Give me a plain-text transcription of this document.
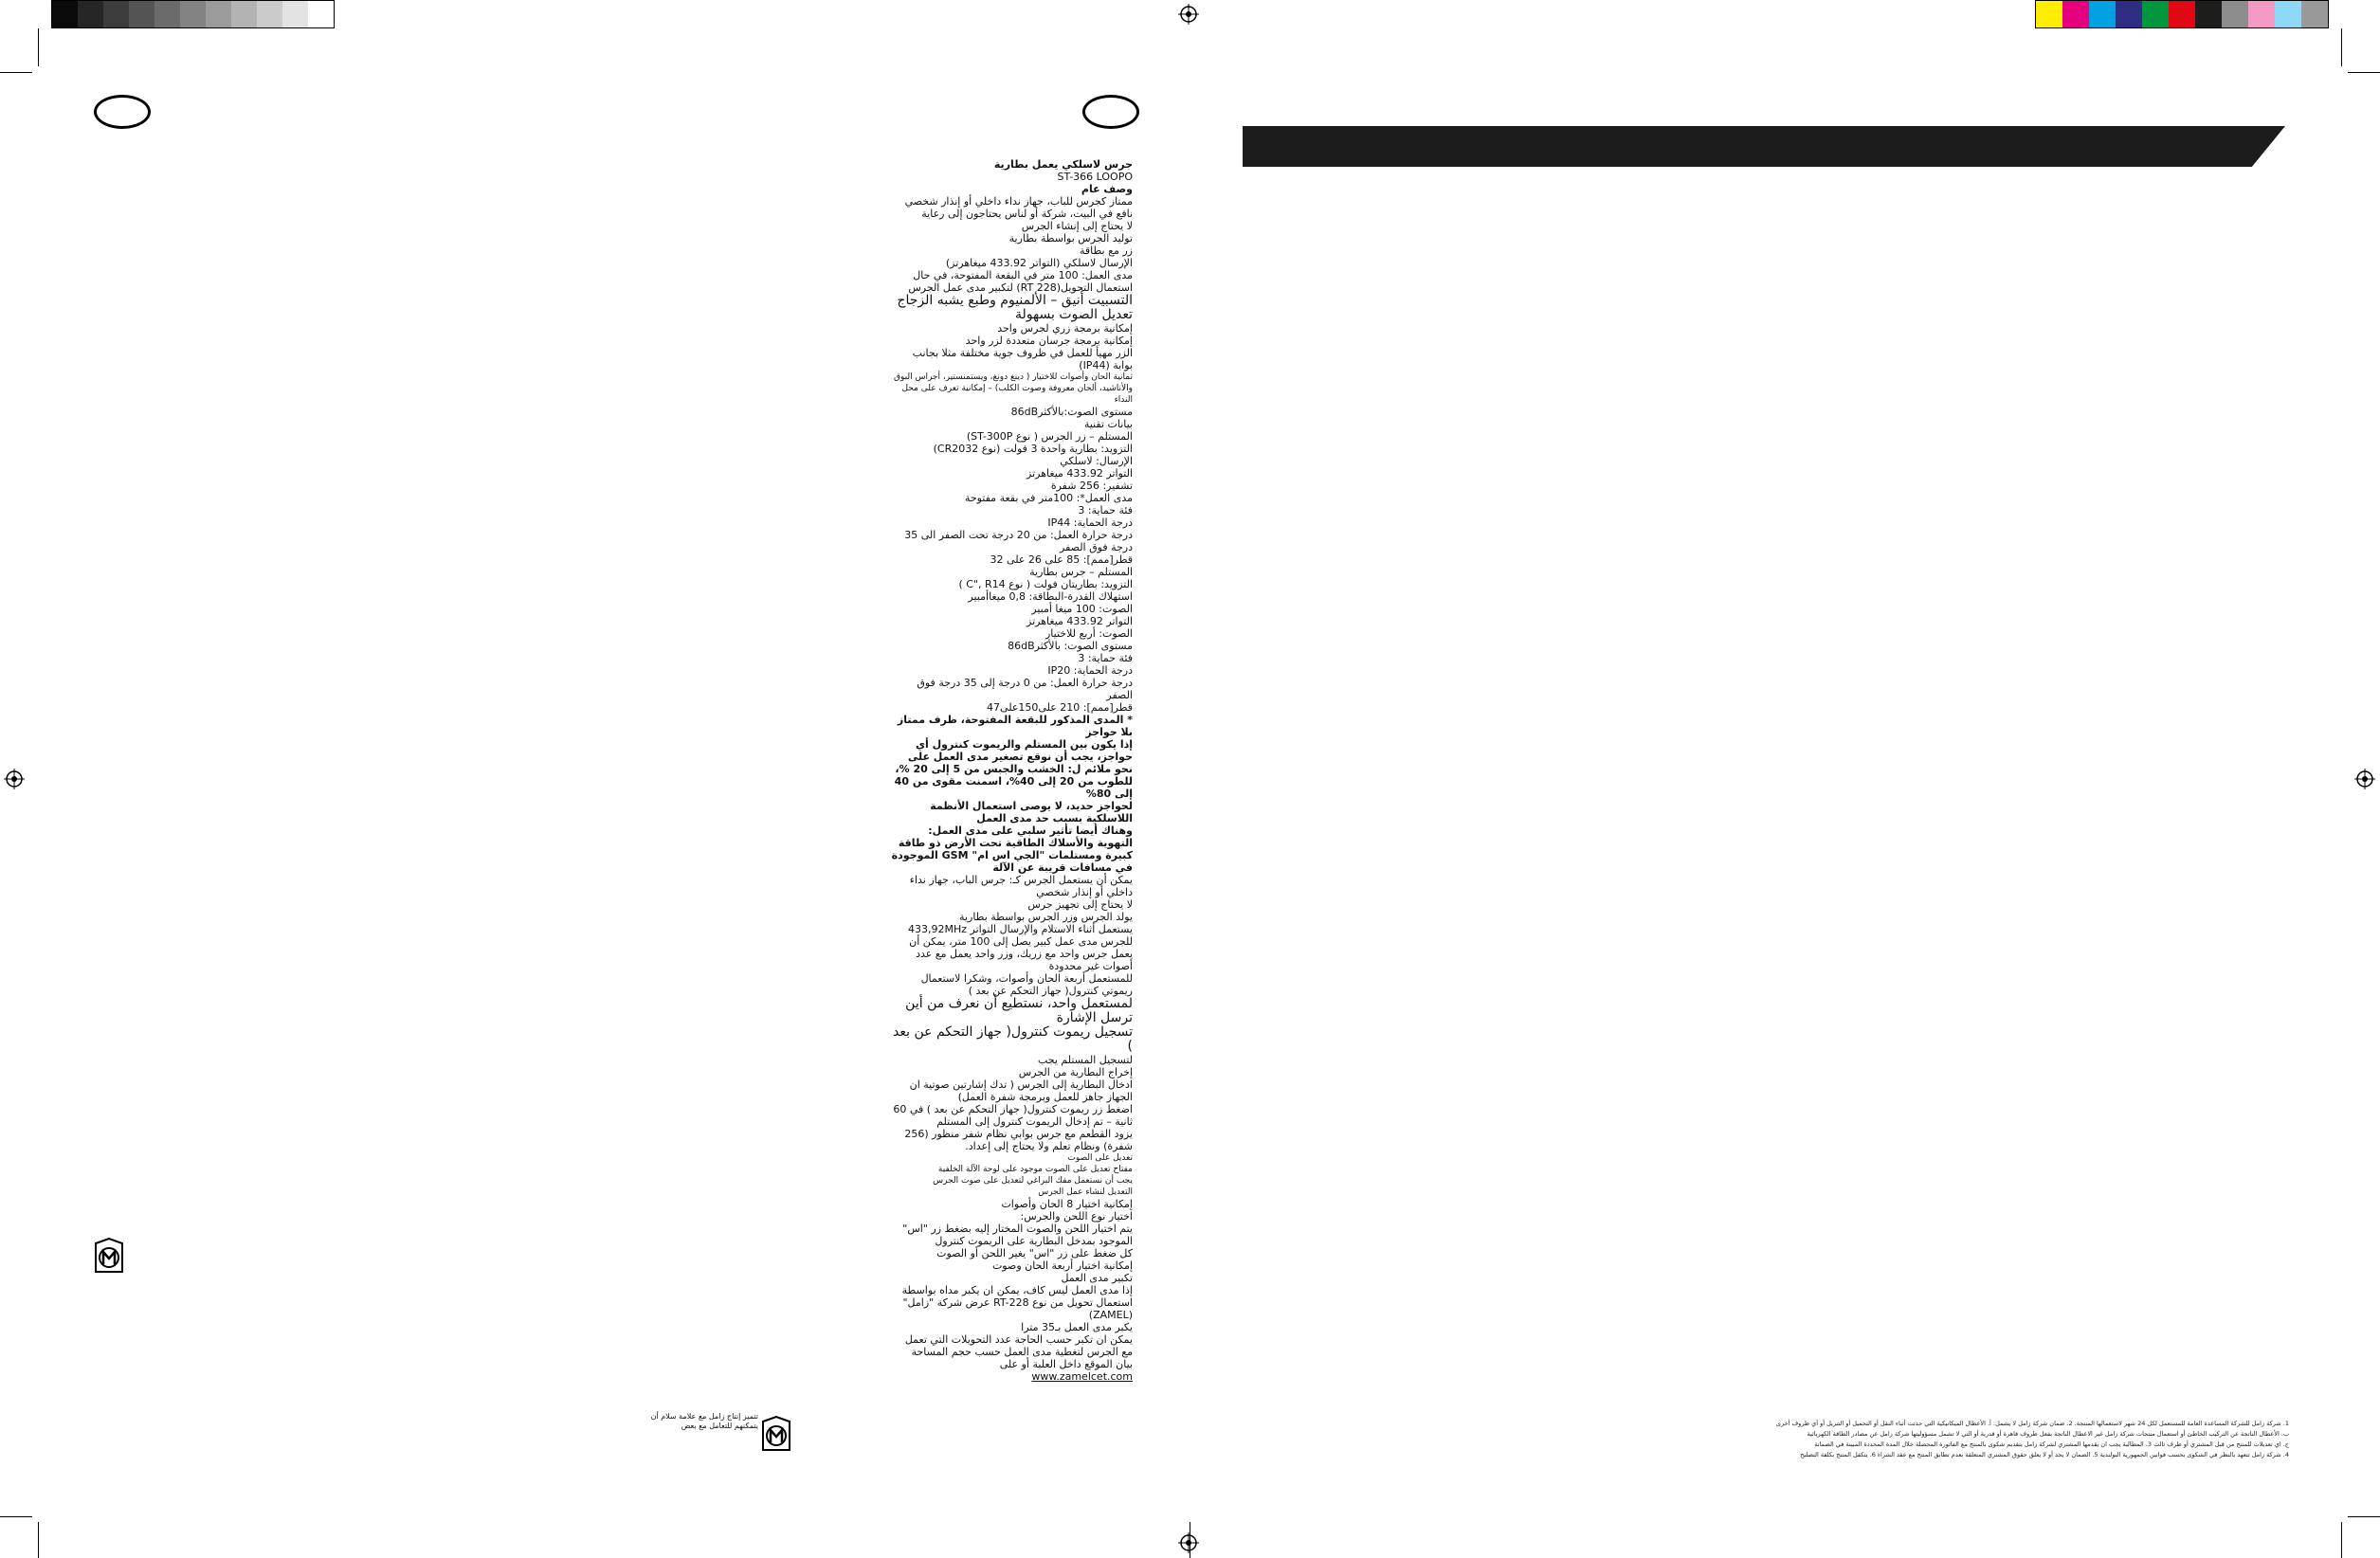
تتميز إنتاج زامل مع علامة سلام أن يتمكنهم للتعامل مع بعض

جرس لاسلكي يعمل بطارية

ST-366 LOOPO

وصف عام

ممتاز كجرس للباب، جهاز نداء داخلي أو إنذار شخصي

نافع في البيت، شركة أو لناس يحتاجون إلى رعاية

لا يحتاج إلى إنشاء الجرس

توليد الجرس بواسطة بطارية

زر مع بطاقة

الإرسال لاسلكي (التواتر 433.92 ميغاهرتز)

مدى العمل: 100 متر في البقعة المفتوحة، في حال استعمال التحويل(RT 228) لتكبير مدى عمل الجرس

التسبيت أنيق – الألمنيوم وطبع يشبه الزجاج

تعديل الصوت بسهولة

إمكانية برمجة زري لجرس واحد

إمكانية برمجة جرسان متعددة لزر واحد

الزر مهيأ للعمل في ظروف جوية مختلفة مثلا بجانب بوابة (IP44)

ثمانية الحان وأصوات للاختيار ( دينغ دونغ، ويستمنستير، أجراس البوق والأناشيد، ألحان معروفة وصوت الكلب) – إمكانية تعرف على محل النداء

مستوى الصوت:بالأكثر86dB

بيانات تقنية

المستلم – زر الجرس ( نوع ST-300P)

التزويد: بطارية واحدة 3 فولت (نوع CR2032)

الإرسال: لاسلكي

التواتر 433.92 ميغاهرتز

تشفير: 256 شفرة

مدى العمل*: 100متر في بقعة مفتوحة

فئة حماية: 3

درجة الحماية: IP44

درجة حرارة العمل: من 20 درجة تحت الصفر الى 35 درجة فوق الصفر

قطر[ممم]: 85 على 26 على 32

المستلم – جرس بطارية

التزويد: بطاريتان فولت ( نوع C", R14 )

استهلاك القدرة-البطاقة: 0,8 ميغاأمبير

الصوت: 100 ميغا أمبير

التواتر 433.92 ميغاهرتز

الصوت: أربع للاختيار

مستوى الصوت: بالأكثر86dB

فئة حماية: 3

درجة الحماية: IP20

درجة حرارة العمل: من 0 درجة إلى 35 درجة فوق الصفر

قطر[ممم]: 210 على150على47

* المدى المذكور للبقعة المفتوحة، ظرف ممتاز بلا حواجز

إذا يكون بين المستلم والريموت كنترول أي حواجز، يجب أن نوقع تصغير مدى العمل على نحو ملائم ل: الخشب والجبس من 5 إلى 20 %، للطوب من 20 إلى 40%، اسمنت مقوى من 40 إلى 80%

لحواجز حديد، لا يوصى استعمال الأنظمة اللاسلكية بسبب حد مدى العمل

وهناك أيضا تأثير سلبي على مدى العمل: التهوية والأسلاك الطاقية تحت الأرض ذو طاقة كبيرة ومستلمات "الجي اس ام" GSM الموجودة في مسافات قريبة عن الآلة

يمكن أن يستعمل الجرس كـ: جرس الباب، جهاز نداء داخلي أو إنذار شخصي

لا يحتاج إلى تجهيز جرس

يولد الجرس وزر الجرس بواسطة بطارية

يستعمل أثناء الاستلام والإرسال التواتر 433,92MHz

للجرس مدى عمل كبير يصل إلى 100 متر، يمكن أن يعمل جرس واحد مع زريك، وزر واحد يعمل مع عدد أصوات غير محدودة

للمستعمل أربعة الحان وأصوات، وشكرا لاستعمال ريموتي كنترول( جهاز التحكم عن بعد )

لمستعمل واحد، نستطيع أن نعرف من أين ترسل الإشارة

تسجيل ريموت كنترول( جهاز التحكم عن بعد )

لتسجيل المستلم يجب

إخراج البطارية من الجرس

ادخال البطارية إلى الجرس ( تدك إشارتين صوتية ان الجهاز جاهز للعمل وبرمجة شفرة العمل)

اضغط زر ريموت كنترول( جهاز التحكم عن بعد ) في 60 ثانية – تم إدخال الريموت كنترول إلى المستلم

يزود القطعم مع جرس بوابي نظام شفر منظور (256 شفرة) ونظام تعلم ولا يحتاج إلى إعداد.

تعديل على الصوت

مفتاح تعديل على الصوت موجود على لوحة الآلة الخلفية

يجب أن نستعمل مفك البراغي لتعديل على صوت الجرس

التعديل لنشاء عمل الجرس

إمكانية اختيار 8 الحان وأصوات

اختيار نوع اللحن والجرس:

يتم اختيار اللحن والصوت المختار إليه بضغط زر "اس" الموجود بمدخل البطارية على الريموت كنترول

كل ضغط على زر "اس" يغير اللحن أو الصوت

إمكانية اختيار أربعة الحان وصوت

تكبير مدى العمل

إذا مدى العمل ليس كاف، يمكن ان يكبر مداه بواسطة استعمال تحويل من نوع RT-228 عرض شركة "زامل" (ZAMEL)

يكبر مدى العمل بـ35 مترا

يمكن ان تكبر حسب الحاجة عدد التحويلات التي تعمل مع الجرس لتغطية مدى العمل حسب حجم المساحة

بيان الموقع داخل العلبة أو على

www.zamelcet.com

1. شركة زامل للشركة المساعدة العامة للمستعمل لكل 24 شهر لاستعمالها المنتجة. 2. ضمان شركة زامل لا يشمل: أ. الأعطال الميكانيكية التي حدثت أثناء النقل أو التحميل أو التنزيل أو أي ظروف أخرى
ب. الأعطال الناتجة عن التركيب الخاطئ أو استعمال منتجات شركة زامل غير الاعطال الناتجة بفعل ظروف قاهرة أو قدرية أو التي لا تشمل مسؤوليتها شركة زامل عن مصادر الطاقة الكهربائية
ج. اي تعديلات للمنتج من قبل المشتري أو طرف ثالث 3. المطالبة يجب ان يقدمها المشتري لشركة زامل بتقديم شكوى بالمنتج مع الفاتورة المحصلة خلال المدة المحددة المبينة في الضمانة
4. شركة زامل تتعهد بالنظر في الشكوى بحسب قوانين الجمهورية البولندية 5. الضمان لا يحد أو لا يعلق حقوق المشتري المتعلقة بعدم تطابق المنتج مع عقد الشراء 6. يتكفل المنتج بكلفة التصليح
